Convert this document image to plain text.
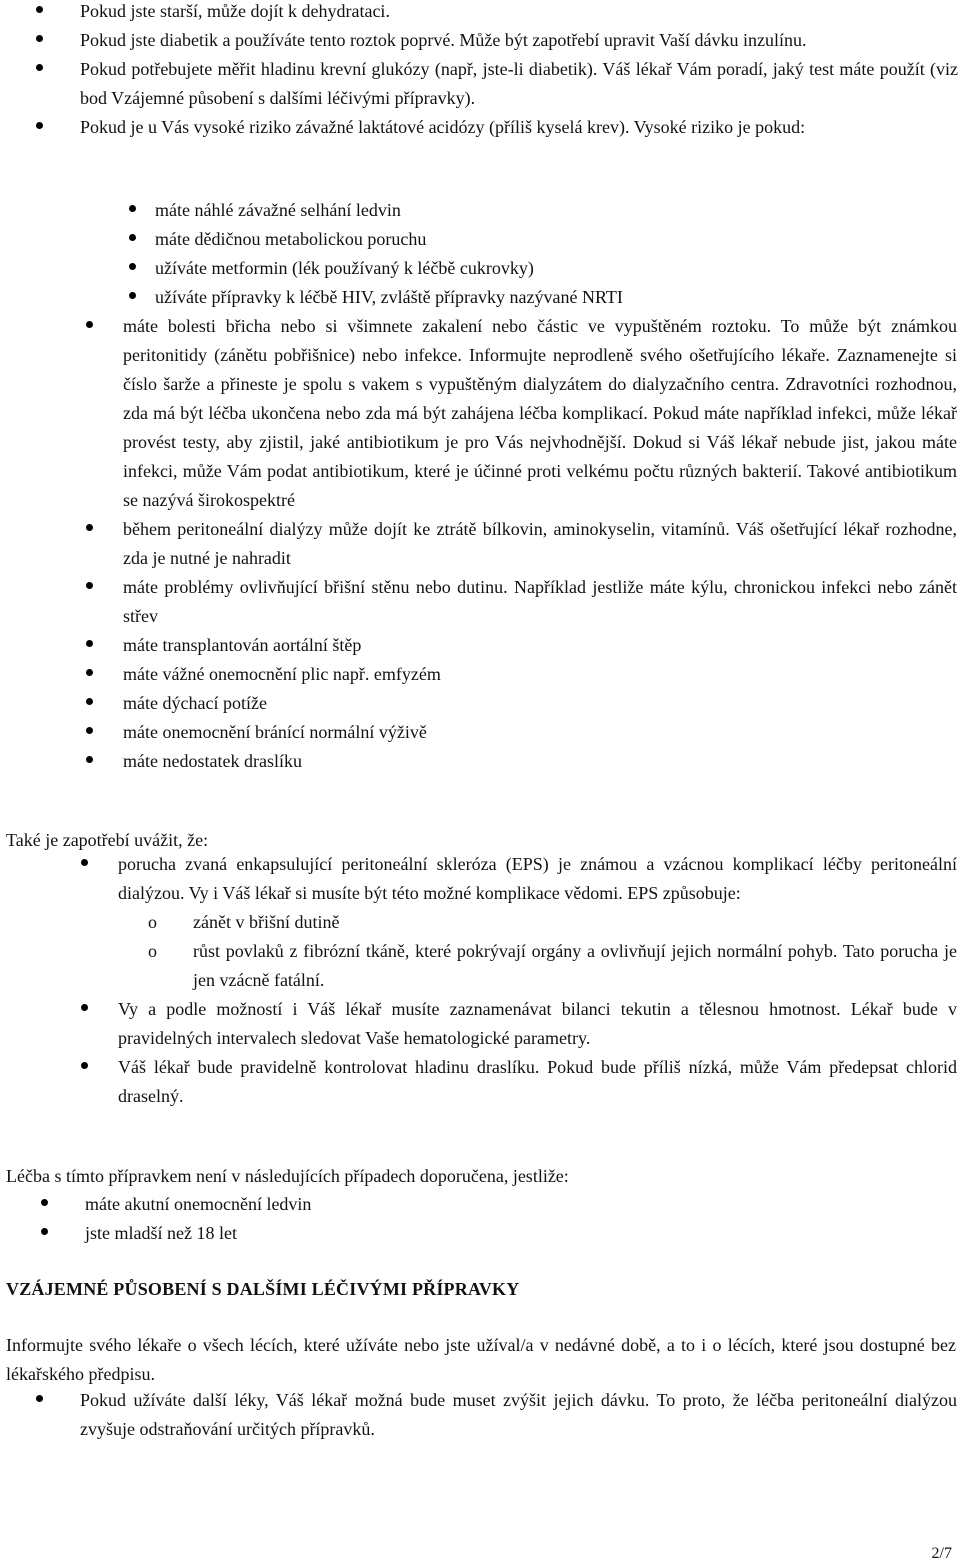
Pokud jste starší, může dojít k dehydrataci.
Pokud jste diabetik a používáte tento roztok poprvé. Může být zapotřebí upravit Vaší dávku inzulínu.
Pokud potřebujete měřit hladinu krevní glukózy (např, jste-li diabetik). Váš lékař Vám poradí, jaký test máte použít (viz bod Vzájemné působení s dalšími léčivými přípravky).
Pokud je u Vás vysoké riziko závažné laktátové acidózy (příliš kyselá krev). Vysoké riziko je pokud:
máte náhlé závažné selhání ledvin
máte dědičnou metabolickou poruchu
užíváte metformin (lék používaný k léčbě cukrovky)
užíváte přípravky k léčbě HIV, zvláště přípravky nazývané NRTI
máte bolesti břicha nebo si všimnete zakalení nebo částic ve vypuštěném roztoku. To může být známkou peritonitidy (zánětu pobřišnice) nebo infekce. Informujte neprodleně svého ošetřujícího lékaře. Zaznamenejte si číslo šarže a přineste je spolu s vakem s vypuštěným dialyzátem do dialyzačního centra. Zdravotníci rozhodnou, zda má být léčba ukončena nebo zda má být zahájena léčba komplikací. Pokud máte například infekci, může lékař provést testy, aby zjistil, jaké antibiotikum je pro Vás nejvhodnější. Dokud si Váš lékař nebude jist, jakou máte infekci, může Vám podat antibiotikum, které je účinné proti velkému počtu různých bakterií. Takové antibiotikum se nazývá širokospektré
během peritoneální dialýzy může dojít ke ztrátě bílkovin, aminokyselin, vitamínů. Váš ošetřující lékař rozhodne, zda je nutné je nahradit
máte problémy ovlivňující břišní stěnu nebo dutinu. Například jestliže máte kýlu, chronickou infekci nebo zánět střev
máte transplantován aortální štěp
máte vážné onemocnění plic např. emfyzém
máte dýchací potíže
máte onemocnění bránící normální výživě
máte nedostatek draslíku

Také je zapotřebí uvážit, že:

porucha zvaná enkapsulující peritoneální skleróza (EPS) je známou a vzácnou komplikací léčby peritoneální dialýzou. Vy i Váš lékař si musíte být této možné komplikace vědomi. EPS způsobuje:
o zánět v břišní dutině
o růst povlaků z fibrózní tkáně, které pokrývají orgány a ovlivňují jejich normální pohyb. Tato porucha je jen vzácně fatální.
Vy a podle možností i Váš lékař musíte zaznamenávat bilanci tekutin a tělesnou hmotnost. Lékař bude v pravidelných intervalech sledovat Vaše hematologické parametry.
Váš lékař bude pravidelně kontrolovat hladinu draslíku. Pokud bude příliš nízká, může Vám předepsat chlorid draselný.

Léčba s tímto přípravkem není v následujících případech doporučena, jestliže:

máte akutní onemocnění ledvin
jste mladší než 18 let
VZÁJEMNÉ PŮSOBENÍ S DALŠÍMI LÉČIVÝMI PŘÍPRAVKY

Informujte svého lékaře o všech lécích, které užíváte nebo jste užíval/a v nedávné době, a to i o lécích, které jsou dostupné bez lékařského předpisu.

Pokud užíváte další léky, Váš lékař možná bude muset zvýšit jejich dávku. To proto, že léčba peritoneální dialýzou zvyšuje odstraňování určitých přípravků.
2/7
